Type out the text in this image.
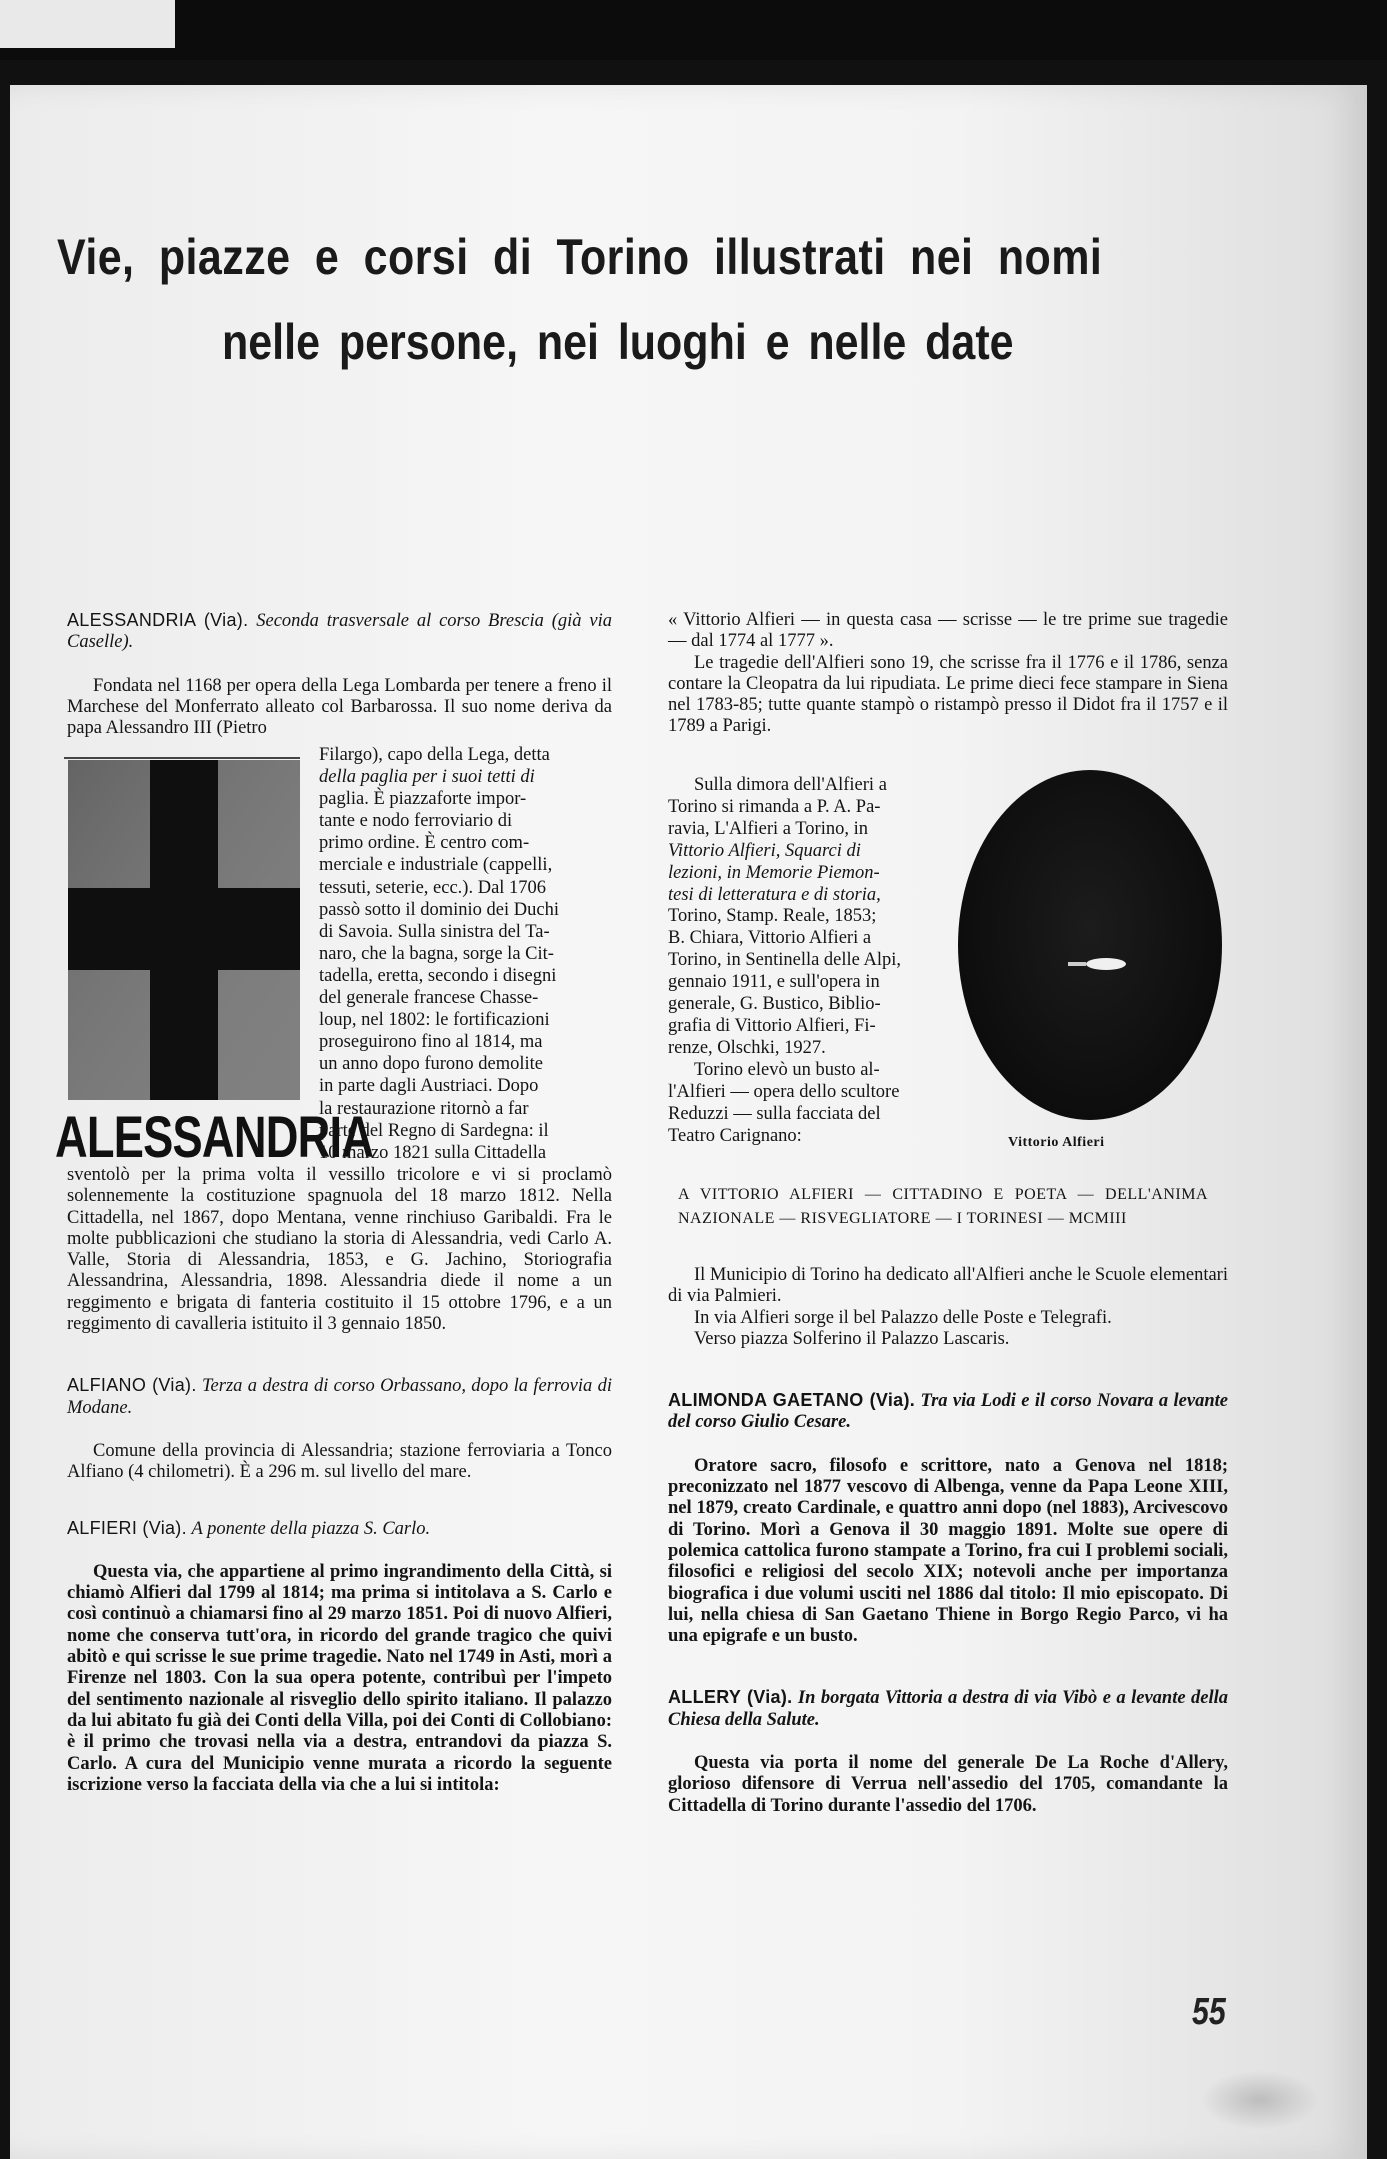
Vie, piazze e corsi di Torino illustrati nei nomi
nelle persone, nei luoghi e nelle date

ALESSANDRIA (Via). Seconda trasversale al corso Brescia (già via Caselle).

Fondata nel 1168 per opera della Lega Lombarda per tenere a freno il Marchese del Monferrato alleato col Barbarossa. Il suo nome deriva da papa Alessandro III (Pietro

ALESSANDRIA
Filargo), capo della Lega, detta
della paglia per i suoi tetti di
paglia. È piazzaforte impor-
tante e nodo ferroviario di
primo ordine. È centro com-
merciale e industriale (cappelli,
tessuti, seterie, ecc.). Dal 1706
passò sotto il dominio dei Duchi
di Savoia. Sulla sinistra del Ta-
naro, che la bagna, sorge la Cit-
tadella, eretta, secondo i disegni
del generale francese Chasse-
loup, nel 1802: le fortificazioni
proseguirono fino al 1814, ma
un anno dopo furono demolite
in parte dagli Austriaci. Dopo
la restaurazione ritornò a far
parte del Regno di Sardegna: il
10 marzo 1821 sulla Cittadella

sventolò per la prima volta il vessillo tricolore e vi si proclamò solennemente la costituzione spagnuola del 18 marzo 1812. Nella Cittadella, nel 1867, dopo Mentana, venne rinchiuso Garibaldi. Fra le molte pubblicazioni che studiano la storia di Alessandria, vedi Carlo A. Valle, Storia di Alessandria, 1853, e G. Jachino, Storiografia Alessandrina, Alessandria, 1898. Alessandria diede il nome a un reggimento e brigata di fanteria costituito il 15 ottobre 1796, e a un reggimento di cavalleria istituito il 3 gennaio 1850.

ALFIANO (Via). Terza a destra di corso Orbassano, dopo la ferrovia di Modane.

Comune della provincia di Alessandria; stazione ferroviaria a Tonco Alfiano (4 chilometri). È a 296 m. sul livello del mare.

ALFIERI (Via). A ponente della piazza S. Carlo.

Questa via, che appartiene al primo ingrandimento della Città, si chiamò Alfieri dal 1799 al 1814; ma prima si intitolava a S. Carlo e così continuò a chiamarsi fino al 29 marzo 1851. Poi di nuovo Alfieri, nome che conserva tutt'ora, in ricordo del grande tragico che quivi abitò e qui scrisse le sue prime tragedie. Nato nel 1749 in Asti, morì a Firenze nel 1803. Con la sua opera potente, contribuì per l'impeto del sentimento nazionale al risveglio dello spirito italiano. Il palazzo da lui abitato fu già dei Conti della Villa, poi dei Conti di Collobiano: è il primo che trovasi nella via a destra, entrandovi da piazza S. Carlo. A cura del Municipio venne murata a ricordo la seguente iscrizione verso la facciata della via che a lui si intitola:

« Vittorio Alfieri — in questa casa — scrisse — le tre prime sue tragedie — dal 1774 al 1777 ».

Le tragedie dell'Alfieri sono 19, che scrisse fra il 1776 e il 1786, senza contare la Cleopatra da lui ripudiata. Le prime dieci fece stampare in Siena nel 1783-85; tutte quante stampò o ristampò presso il Didot fra il 1757 e il 1789 a Parigi.

Sulla dimora dell'Alfieri a
Torino si rimanda a P. A. Pa-
ravia, L'Alfieri a Torino, in
Vittorio Alfieri, Squarci di
lezioni, in Memorie Piemon-
tesi di letteratura e di storia,
Torino, Stamp. Reale, 1853;
B. Chiara, Vittorio Alfieri a
Torino, in Sentinella delle Alpi,
gennaio 1911, e sull'opera in
generale, G. Bustico, Biblio-
grafia di Vittorio Alfieri, Fi-
renze, Olschki, 1927.
Torino elevò un busto al-
l'Alfieri — opera dello scultore
Reduzzi — sulla facciata del
Teatro Carignano:	Vittorio Alfieri

A VITTORIO ALFIERI — CITTADINO E POETA — DELL'ANIMA NAZIONALE — RISVEGLIATORE — I TORINESI — MCMIII

Il Municipio di Torino ha dedicato all'Alfieri anche le Scuole elementari di via Palmieri.

In via Alfieri sorge il bel Palazzo delle Poste e Telegrafi.

Verso piazza Solferino il Palazzo Lascaris.

ALIMONDA GAETANO (Via). Tra via Lodi e il corso Novara a levante del corso Giulio Cesare.

Oratore sacro, filosofo e scrittore, nato a Genova nel 1818; preconizzato nel 1877 vescovo di Albenga, venne da Papa Leone XIII, nel 1879, creato Cardinale, e quattro anni dopo (nel 1883), Arcivescovo di Torino. Morì a Genova il 30 maggio 1891. Molte sue opere di polemica cattolica furono stampate a Torino, fra cui I problemi sociali, filosofici e religiosi del secolo XIX; notevoli anche per importanza biografica i due volumi usciti nel 1886 dal titolo: Il mio episcopato. Di lui, nella chiesa di San Gaetano Thiene in Borgo Regio Parco, vi ha una epigrafe e un busto.

ALLERY (Via). In borgata Vittoria a destra di via Vibò e a levante della Chiesa della Salute.

Questa via porta il nome del generale De La Roche d'Allery, glorioso difensore di Verrua nell'assedio del 1705, comandante la Cittadella di Torino durante l'assedio del 1706.

55
